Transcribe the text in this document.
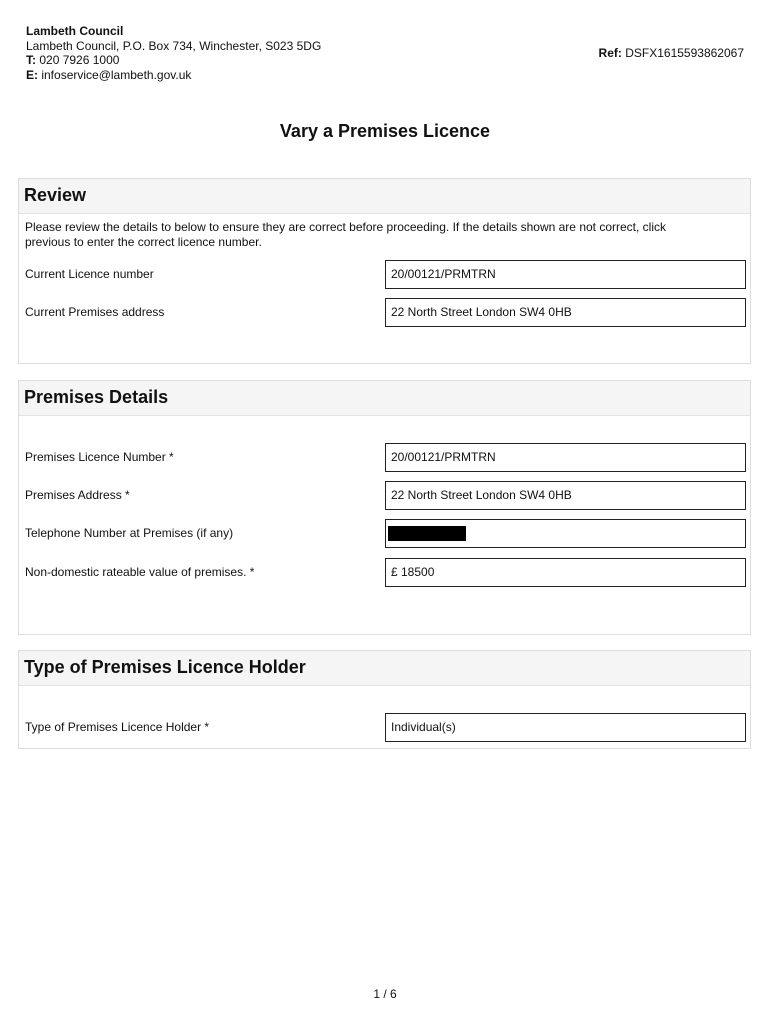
Lambeth Council
Lambeth Council, P.O. Box 734, Winchester, S023 5DG
T: 020 7926 1000
E: infoservice@lambeth.gov.uk
Ref: DSFX1615593862067
Vary a Premises Licence
Review
Please review the details to below to ensure they are correct before proceeding. If the details shown are not correct, click
previous to enter the correct licence number.
Current Licence number	20/00121/PRMTRN
Current Premises address	22 North Street London SW4 0HB
Premises Details
Premises Licence Number *	20/00121/PRMTRN
Premises Address *	22 North Street London SW4 0HB
Telephone Number at Premises (if any)
Non-domestic rateable value of premises. *	£ 18500
Type of Premises Licence Holder
Type of Premises Licence Holder *	Individual(s)
1 / 6
